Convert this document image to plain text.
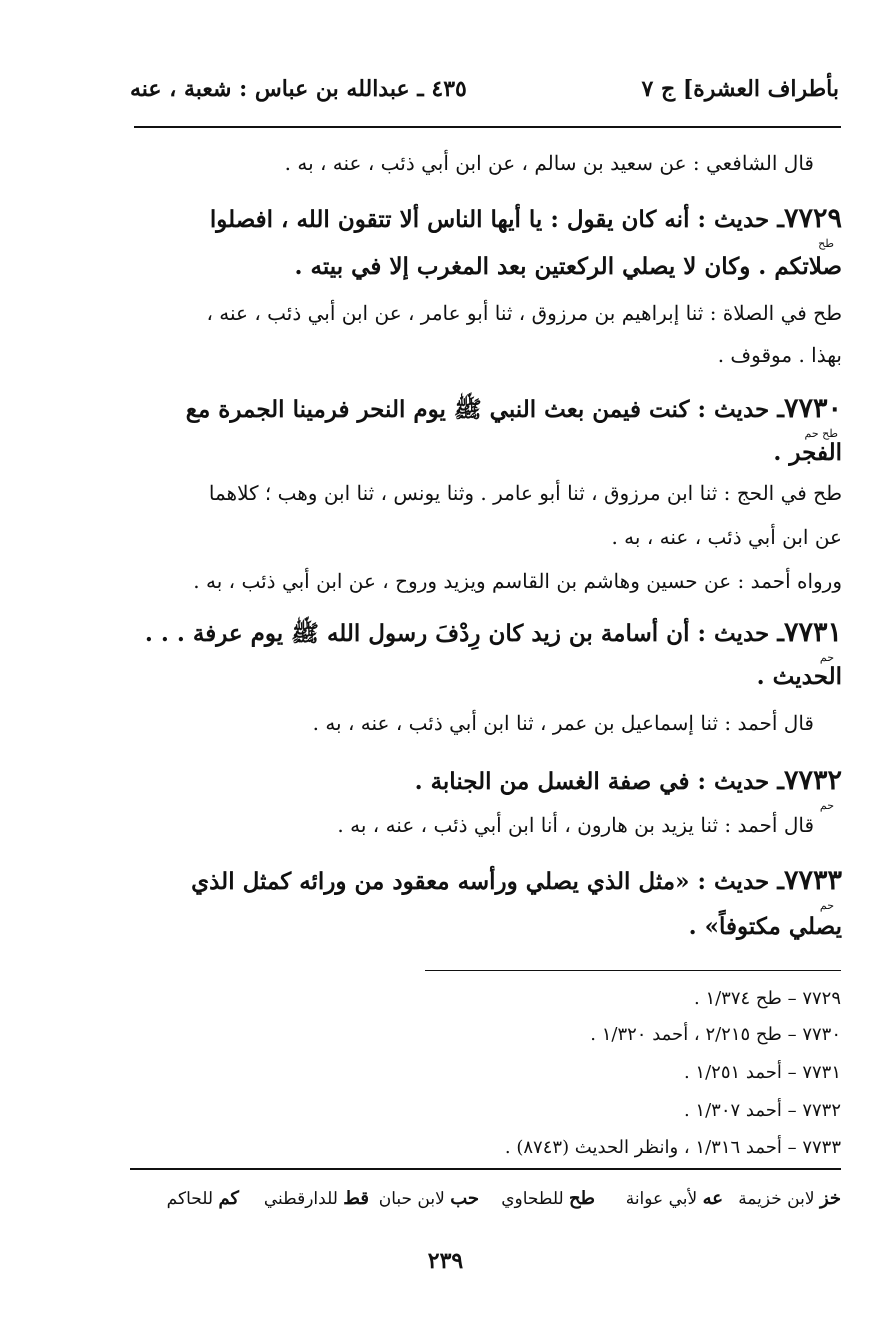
بأطراف العشرة] ج ٧
٤٣٥ ـ عبدالله بن عباس : شعبة ، عنه
قال الشافعي : عن سعيد بن سالم ، عن ابن أبي ذئب ، عنه ، به .
٧٧٢٩ـ حديث : أنه كان يقول : يا أيها الناس ألا تتقون الله ، افصلوا
طح
صلاتكم . وكان لا يصلي الركعتين بعد المغرب إلا في بيته .
طح في الصلاة : ثنا إبراهيم بن مرزوق ، ثنا أبو عامر ، عن ابن أبي ذئب ، عنه ،
بهذا . موقوف .
٧٧٣٠ـ حديث : كنت فيمن بعث النبي ﷺ يوم النحر فرمينا الجمرة مع
طح حم
الفجر .
طح في الحج : ثنا ابن مرزوق ، ثنا أبو عامر . وثنا يونس ، ثنا ابن وهب ؛ كلاهما
عن ابن أبي ذئب ، عنه ، به .
ورواه أحمد : عن حسين وهاشم بن القاسم ويزيد وروح ، عن ابن أبي ذئب ، به .
٧٧٣١ـ حديث : أن أسامة بن زيد كان رِدْفَ رسول الله ﷺ يوم عرفة . . .
حم
الحديث .
قال أحمد : ثنا إسماعيل بن عمر ، ثنا ابن أبي ذئب ، عنه ، به .
٧٧٣٢ـ حديث : في صفة الغسل من الجنابة .
حم
قال أحمد : ثنا يزيد بن هارون ، أنا ابن أبي ذئب ، عنه ، به .
٧٧٣٣ـ حديث : «مثل الذي يصلي ورأسه معقود من ورائه كمثل الذي
حم
يصلي مكتوفاً» .
٧٧٢٩ – طح ١/٣٧٤ .
٧٧٣٠ – طح ٢/٢١٥ ، أحمد ١/٣٢٠ .
٧٧٣١ – أحمد ١/٢٥١ .
٧٧٣٢ – أحمد ١/٣٠٧ .
٧٧٣٣ – أحمد ١/٣١٦ ، وانظر الحديث (٨٧٤٣) .
خز لابن خزيمة
عه لأبي عوانة
طح للطحاوي
حب لابن حبان
قط للدارقطني
كم للحاكم
٢٣٩
